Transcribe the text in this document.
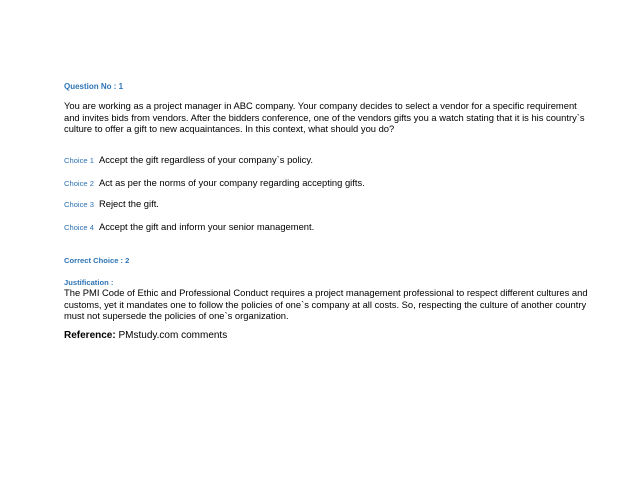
Question No : 1
You are working as a project manager in ABC company. Your company decides to select a vendor for a specific requirement and invites bids from vendors. After the bidders conference, one of the vendors gifts you a watch stating that it is his country`s culture to offer a gift to new acquaintances. In this context, what should you do?
Choice 1 Accept the gift regardless of your company`s policy.
Choice 2 Act as per the norms of your company regarding accepting gifts.
Choice 3 Reject the gift.
Choice 4 Accept the gift and inform your senior management.
Correct Choice : 2
Justification :
The PMI Code of Ethic and Professional Conduct requires a project management professional to respect different cultures and customs, yet it mandates one to follow the policies of one`s company at all costs. So, respecting the culture of another country must not supersede the policies of one`s organization.
Reference: PMstudy.com comments
